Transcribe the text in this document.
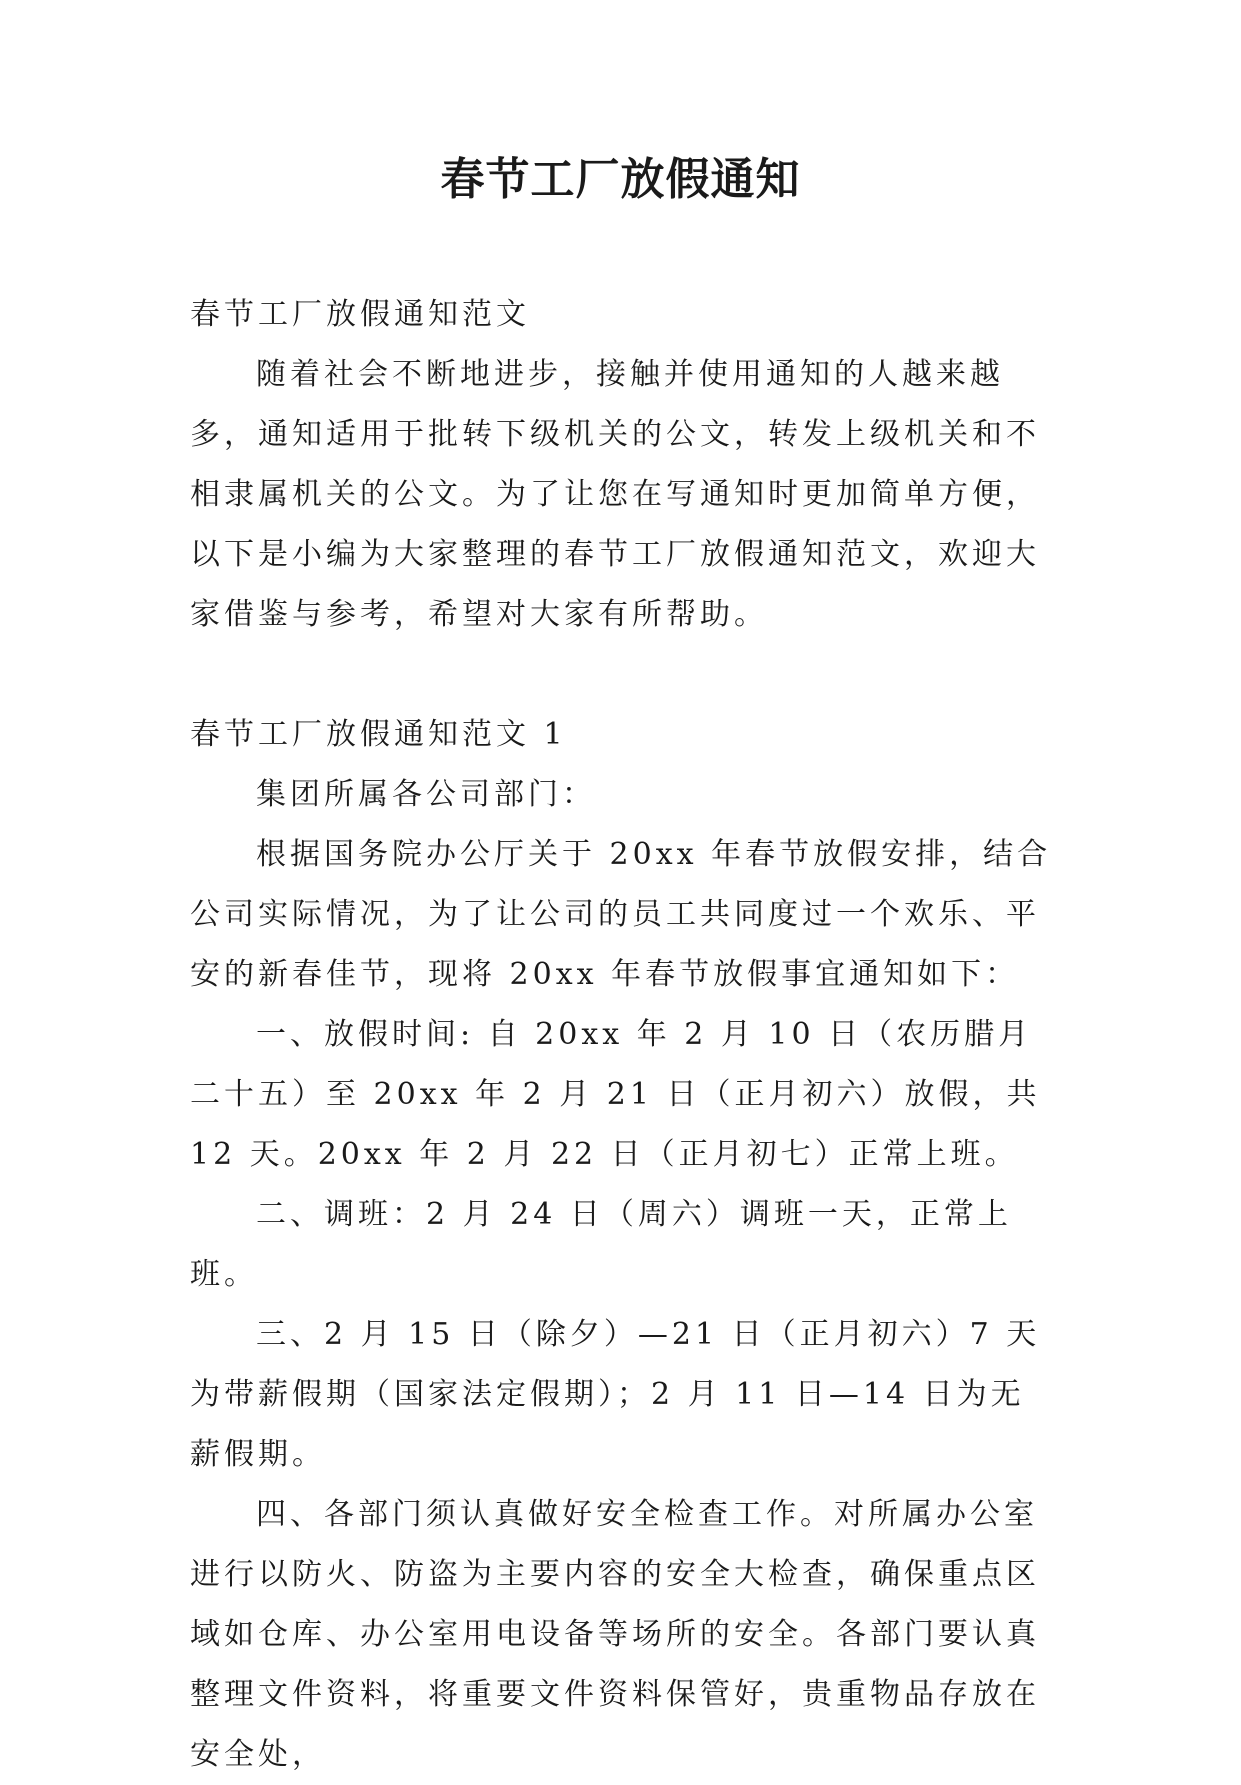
春节工厂放假通知

春节工厂放假通知范文

随着社会不断地进步，接触并使用通知的人越来越多，通知适用于批转下级机关的公文，转发上级机关和不相隶属机关的公文。为了让您在写通知时更加简单方便，以下是小编为大家整理的春节工厂放假通知范文，欢迎大家借鉴与参考，希望对大家有所帮助。

春节工厂放假通知范文 1

集团所属各公司部门：

根据国务院办公厅关于 20xx 年春节放假安排，结合公司实际情况，为了让公司的员工共同度过一个欢乐、平安的新春佳节，现将 20xx 年春节放假事宜通知如下：

一、放假时间: 自 20xx 年 2 月 10 日（农历腊月二十五）至 20xx 年 2 月 21 日（正月初六）放假，共 12 天。20xx 年 2 月 22 日（正月初七）正常上班。

二、调班：2 月 24 日（周六）调班一天，正常上班。

三、2 月 15 日（除夕）—21 日（正月初六）7 天为带薪假期（国家法定假期）；2 月 11 日—14 日为无薪假期。

四、各部门须认真做好安全检查工作。对所属办公室进行以防火、防盗为主要内容的安全大检查，确保重点区域如仓库、办公室用电设备等场所的安全。各部门要认真整理文件资料，将重要文件资料保管好，贵重物品存放在安全处，
